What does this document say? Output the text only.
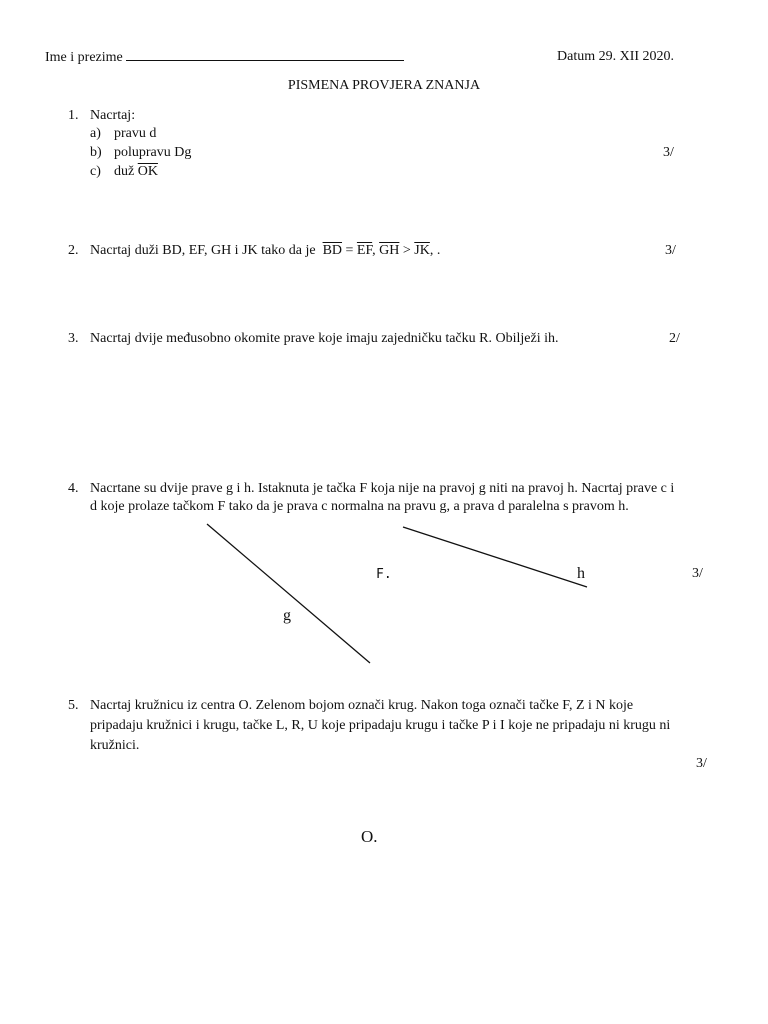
Ime i prezime	Datum 29. XII 2020.
PISMENA PROVJERA ZNANJA
1. Nacrtaj:
a) pravu d
b) polupravu Dg
c) duž $\overline{OK}$
3/
2. Nacrtaj duži BD, EF, GH i JK tako da je $\overline{BD} = \overline{EF}$, $\overline{GH} > \overline{JK}$, .	3/
3. Nacrtaj dvije međusobno okomite prave koje imaju zajedničku tačku R. Obilježi ih.	2/
4. Nacrtane su dvije prave g i h. Istaknuta je tačka F koja nije na pravoj g niti na pravoj h. Nacrtaj prave c i
d koje prolaze tačkom F tako da je prava c normalna na pravu g, a prava d paralelna s pravom h.
F.	h
g
3/
5. Nacrtaj kružnicu iz centra O. Zelenom bojom označi krug. Nakon toga označi tačke F, Z i N koje
pripadaju kružnici i krugu, tačke L, R, U koje pripadaju krugu i tačke P i I koje ne pripadaju ni krugu ni
kružnici.
3/
O.
